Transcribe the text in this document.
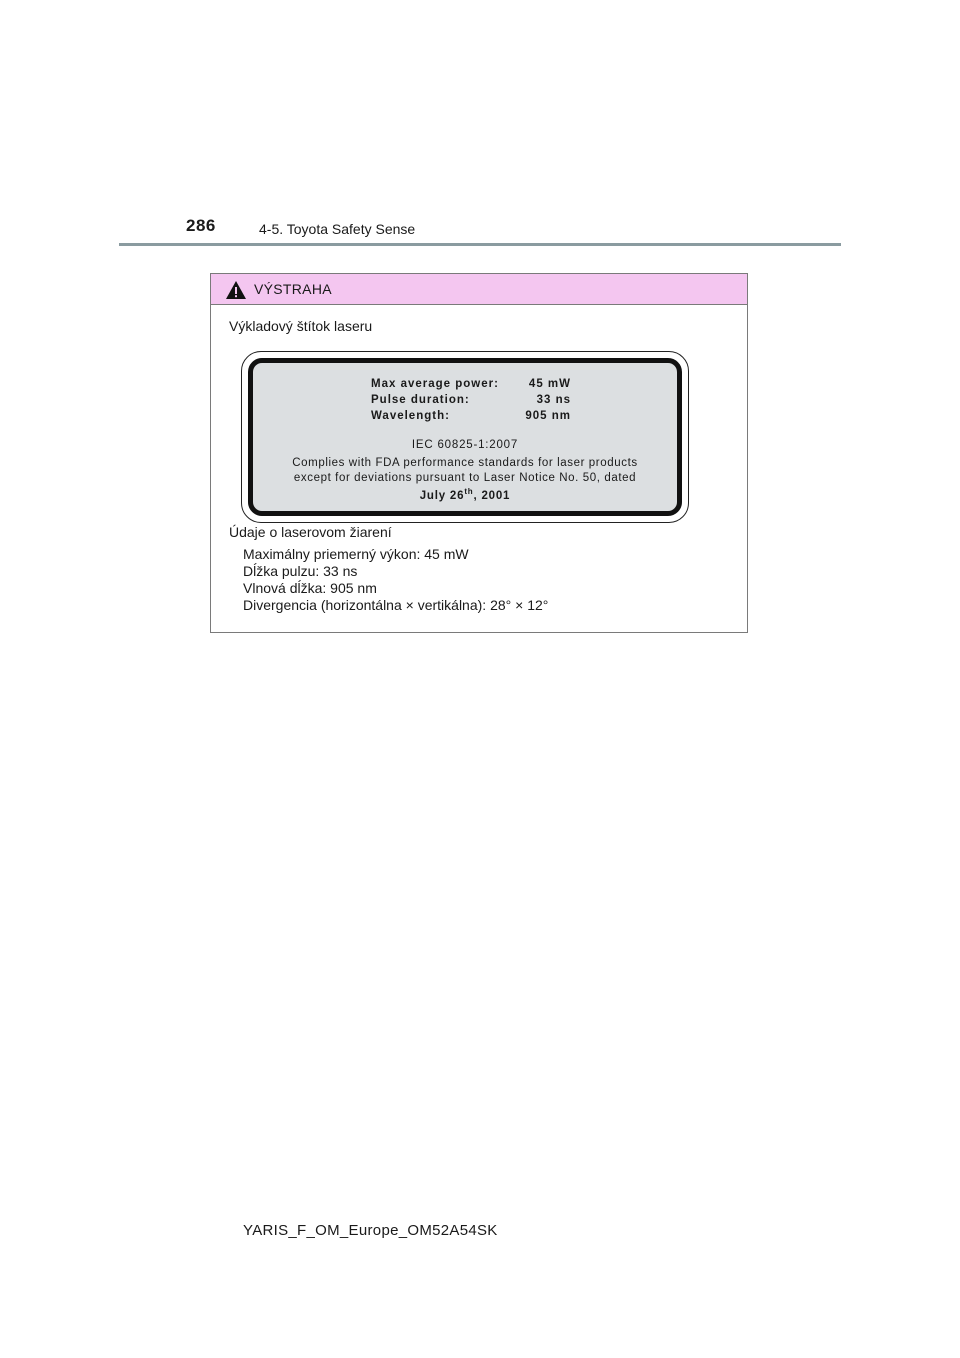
286	4-5. Toyota Safety Sense
VÝSTRAHA
Výkladový štítok laseru
Max average power:	45 mW
Pulse duration:	33 ns
Wavelength:	905 nm
IEC 60825-1:2007
Complies with FDA performance standards for laser products
except for deviations pursuant to Laser Notice No. 50, dated
July 26th, 2001
Údaje o laserovom žiarení
Maximálny priemerný výkon: 45 mW
Dĺžka pulzu: 33 ns
Vlnová dĺžka: 905 nm
Divergencia (horizontálna × vertikálna): 28° × 12°
YARIS_F_OM_Europe_OM52A54SK
